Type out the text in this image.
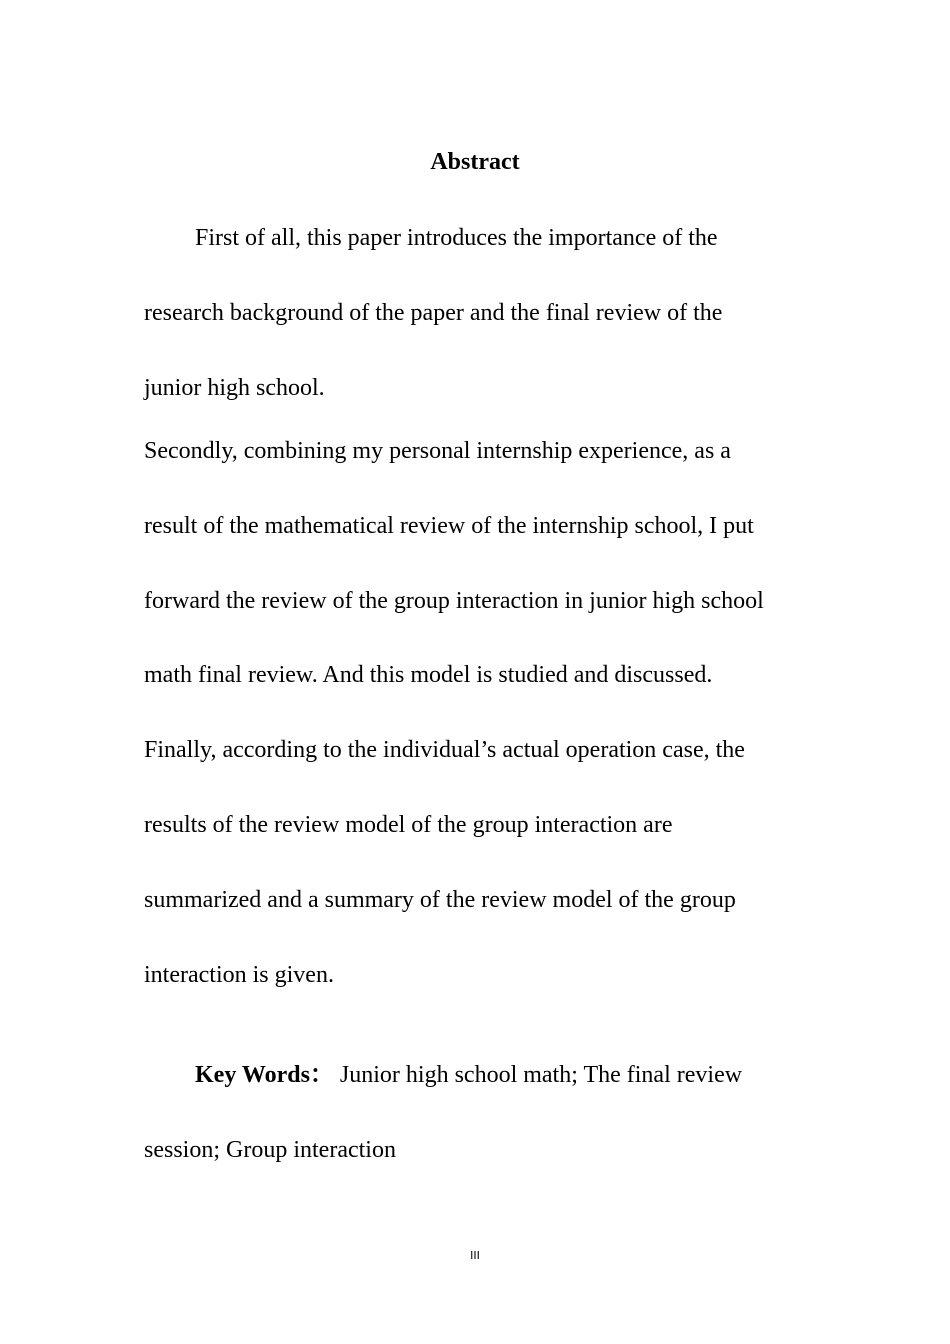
Abstract

First of all, this paper introduces the importance of the
research background of the paper and the final review of the
junior high school.

Secondly, combining my personal internship experience, as a
result of the mathematical review of the internship school, I put
forward the review of the group interaction in junior high school
math final review. And this model is studied and discussed.
Finally, according to the individual’s actual operation case, the
results of the review model of the group interaction are
summarized and a summary of the review model of the group
interaction is given.

Key Words： Junior high school math; The final review
session; Group interaction

III
